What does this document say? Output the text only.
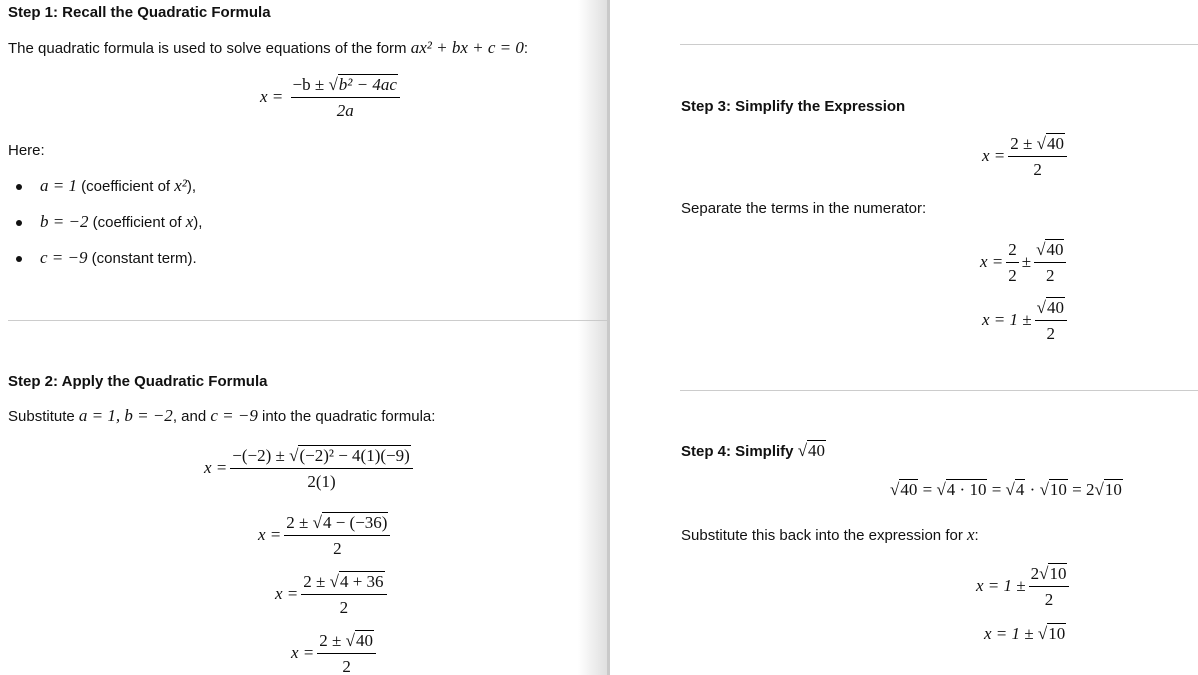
Step 1: Recall the Quadratic Formula
The quadratic formula is used to solve equations of the form ax² + bx + c = 0:
$x = \frac{\text{−b ± √b² − 4ac}}{2a}$
Here:
a = 1 (coefficient of x²),
b = −2 (coefficient of x),
c = −9 (constant term).
Step 2: Apply the Quadratic Formula
Substitute a = 1, b = −2, and c = −9 into the quadratic formula:
$x = \frac{\text{−(−2) ± √(−2)² − 4(1)(−9)}}{2(1)}$
$x = \frac{2 \pm √4 - (-36)}{2}$
$x = \frac{2 \pm √4 + 36}{2}$
$x = \frac{2 \pm √40}{2}$
Step 3: Simplify the Expression
$x = \frac{2 \pm √40}{2}$
Separate the terms in the numerator:
$x = \frac{2}{2} \pm \frac{√40}{2}$
$x = 1 \pm \frac{√40}{2}$
Step 4: Simplify √40
√40 = √4 · 10 = √4 · √10 = 2√10
Substitute this back into the expression for x:
$x = 1 \pm \frac{2√10}{2}$
x = 1 ± √10
